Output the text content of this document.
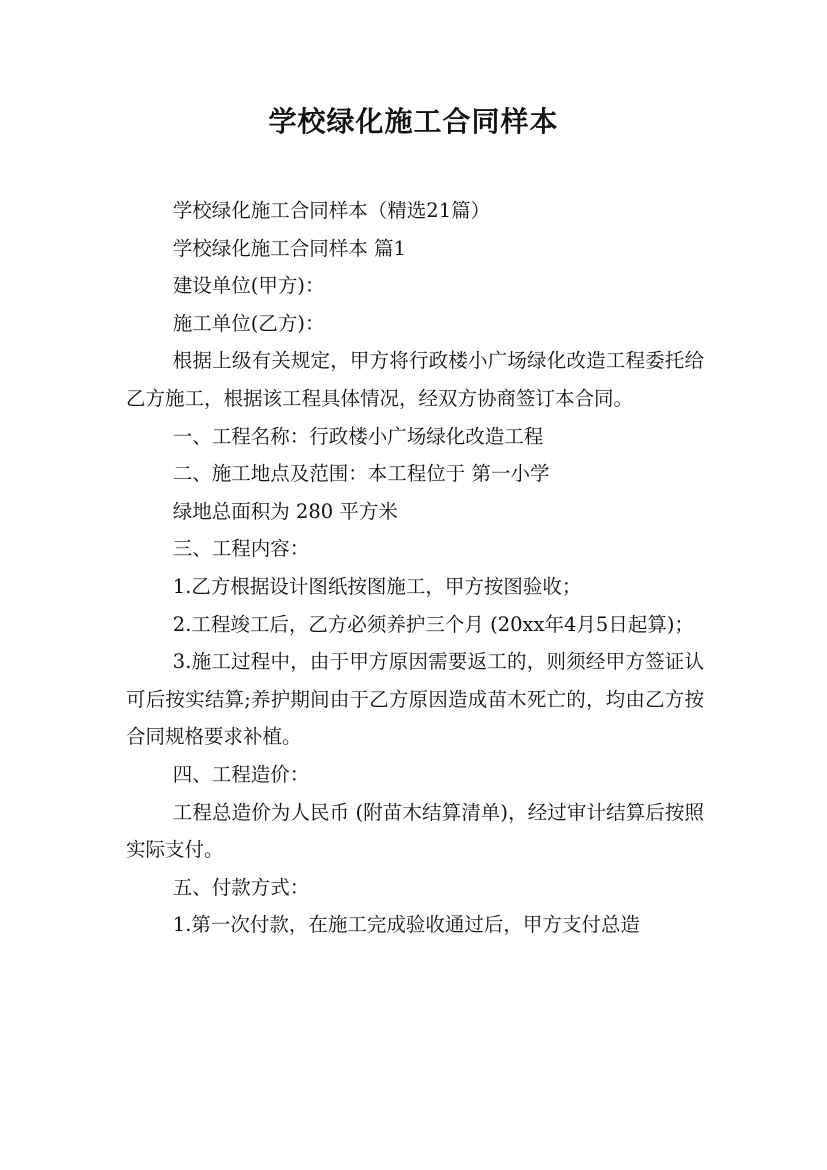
学校绿化施工合同样本

学校绿化施工合同样本（精选21篇）

学校绿化施工合同样本 篇1

建设单位(甲方)：

施工单位(乙方)：

根据上级有关规定，甲方将行政楼小广场绿化改造工程委托给乙方施工，根据该工程具体情况，经双方协商签订本合同。

一、工程名称：行政楼小广场绿化改造工程

二、施工地点及范围：本工程位于 第一小学

绿地总面积为 280 平方米

三、工程内容：

1.乙方根据设计图纸按图施工，甲方按图验收；

2.工程竣工后，乙方必须养护三个月 (20xx年4月5日起算)；

3.施工过程中，由于甲方原因需要返工的，则须经甲方签证认可后按实结算;养护期间由于乙方原因造成苗木死亡的，均由乙方按合同规格要求补植。

四、工程造价：

工程总造价为人民币 (附苗木结算清单)，经过审计结算后按照实际支付。

五、付款方式：

1.第一次付款，在施工完成验收通过后，甲方支付总造
